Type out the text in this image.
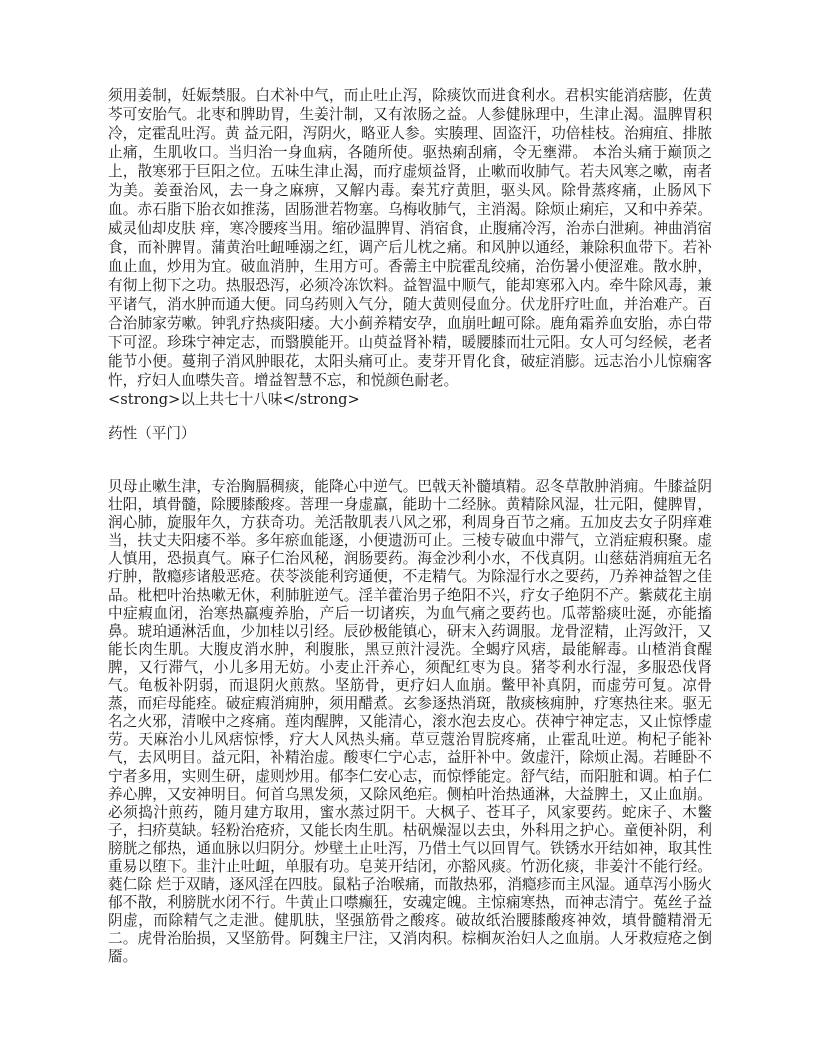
须用姜制，妊娠禁服。白术补中气，而止吐止泻，除痰饮而进食利水。君枳实能消痞膨，佐黄芩可安胎气。北枣和脾助胃，生姜汁制，又有浓肠之益。人参健脉理中，生津止渴。温脾胃积冷，定霍乱吐泻。黄 益元阳，泻阴火，略亚人参。实腠理、固盗汗，功倍桂枝。治痈疽、排脓止痛，生肌收口。当归治一身血病，各随所使。驱热痢刮痛，令无壅滞。 本治头痛于巅顶之上，散寒邪于巨阳之位。五味生津止渴，而疗虚烦益肾，止嗽而收肺气。若夫风寒之嗽，南者为美。姜蚕治风，去一身之麻痹，又解内毒。秦艽疗黄胆，驱头风。除骨蒸疼痛，止肠风下血。赤石脂下胎衣如推荡，固肠泄若物塞。乌梅收肺气，主消渴。除烦止痢疟，又和中养荣。威灵仙却皮肤 痒，寒冷腰疼当用。缩砂温脾胃、消宿食，止腹痛冷泻，治赤白泄痢。神曲消宿食，而补脾胃。蒲黄治吐衄唾溺之红，调产后儿枕之痛。和风肿以通经，兼除积血带下。若补血止血，炒用为宜。破血消肿，生用方可。香薷主中脘霍乱绞痛，治伤暑小便涩难。散水肿，有彻上彻下之功。热服恐泻，必须冷冻饮料。益智温中顺气，能却寒邪入内。牵牛除风毒，兼平诸气，消水肿而通大便。同乌药则入气分，随大黄则侵血分。伏龙肝疗吐血，并治难产。百合治肺家劳嗽。钟乳疗热痰阳痿。大小蓟养精安孕，血崩吐衄可除。鹿角霜养血安胎，赤白带下可涩。珍珠宁神定志，而翳膜能开。山萸益肾补精，暖腰膝而壮元阳。女人可匀经候，老者能节小便。蔓荆子消风肿眼花，太阳头痛可止。麦芽开胃化食，破症消膨。远志治小儿惊痫客忤，疗妇人血噤失音。增益智慧不忘，和悦颜色耐老。

<strong>以上共七十八味</strong>
药性（平门）

贝母止嗽生津，专治胸膈稠痰，能降心中逆气。巴戟天补髓填精。忍冬草散肿消痈。牛膝益阴壮阳，填骨髓，除腰膝酸疼。菩理一身虚羸，能助十二经脉。黄精除风湿，壮元阳，健脾胃，润心肺，旋服年久，方获奇功。羌活散肌表八风之邪，利周身百节之痛。五加皮去女子阴痒难当，扶丈夫阳痿不举。多年瘀血能逐，小便遗沥可止。三棱专破血中滞气，立消症瘕积聚。虚人慎用，恐损真气。麻子仁治风秘，润肠要药。海金沙利小水，不伐真阴。山慈菇消痈疽无名疔肿，散瘾疹诸般恶疮。茯苓淡能利窍通便，不走精气。为除湿行水之要药，乃养神益智之佳品。枇杷叶治热嗽无休，利肺脏逆气。淫羊藿治男子绝阳不兴，疗女子绝阴不产。紫葳花主崩中症瘕血闭，治寒热羸瘦养胎，产后一切诸疾，为血气痛之要药也。瓜蒂豁痰吐涎，亦能搐鼻。琥珀通淋活血，少加桂以引经。辰砂极能镇心，研末入药调服。龙骨涩精，止泻敛汗，又能长肉生肌。大腹皮消水肿，利腹胀，黑豆煎汁浸洗。全蝎疗风痞，最能解毒。山楂消食醒脾，又行滞气，小儿多用无妨。小麦止汗养心，须配红枣为良。猪苓利水行湿，多服恐伐肾气。龟板补阴弱，而退阴火煎熬。坚筋骨，更疗妇人血崩。鳖甲补真阴，而虚劳可复。凉骨蒸，而疟母能痊。破症瘕消痈肿，须用醋煮。玄参逐热消斑，散痰核痈肿，疗寒热往来。驱无名之火邪，清喉中之疼痛。莲肉醒脾，又能清心，滚水泡去皮心。茯神宁神定志，又止惊悸虚劳。天麻治小儿风痞惊悸，疗大人风热头痛。草豆蔻治胃脘疼痛，止霍乱吐逆。枸杞子能补气，去风明目。益元阳，补精治虚。酸枣仁宁心志，益肝补中。敛虚汗，除烦止渴。若睡卧不宁者多用，实则生研，虚则炒用。郁李仁安心志，而惊悸能定。舒气结，而阳脏和调。柏子仁养心脾，又安神明目。何首乌黑发须，又除风绝疟。侧柏叶治热通淋，大益脾土，又止血崩。必须捣汁煎药，随月建方取用，蜜水蒸过阴干。大枫子、苍耳子，风家要药。蛇床子、木鳖子，扫疥莫缺。轻粉治疮疥，又能长肉生肌。枯矾燥湿以去虫，外科用之护心。童便补阴，利膀胱之郁热，通血脉以归阴分。炒壁土止吐泻，乃借土气以回胃气。铁锈水开结如神，取其性重易以堕下。韭汁止吐衄，单服有功。皂荚开结闭，亦豁风痰。竹沥化痰，非姜汁不能行经。蕤仁除 烂于双睛，逐风淫在四肢。鼠粘子治喉痛，而散热邪，消瘾疹而主风湿。通草泻小肠火郁不散，利膀胱水闭不行。牛黄止口噤癫狂，安魂定魄。主惊痫寒热，而神志清宁。菟丝子益阴虚，而除精气之走泄。健肌肤，坚强筋骨之酸疼。破故纸治腰膝酸疼神效，填骨髓精滑无二。虎骨治胎损，又坚筋骨。阿魏主尸注，又消肉积。棕榈灰治妇人之血崩。人牙救痘疮之倒靥。
